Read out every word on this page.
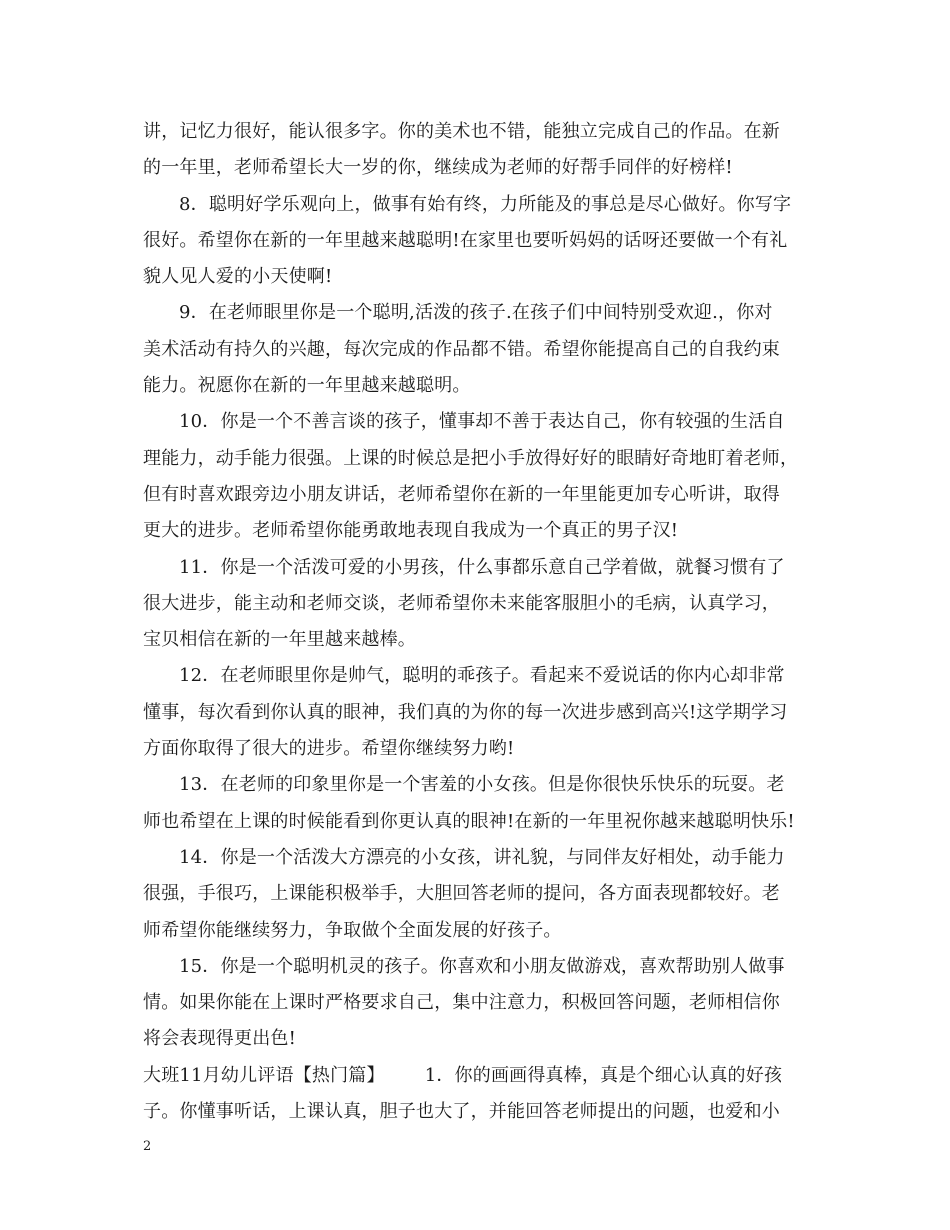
讲，记忆力很好，能认很多字。你的美术也不错，能独立完成自己的作品。在新
的一年里，老师希望长大一岁的你，继续成为老师的好帮手同伴的好榜样!
8．聪明好学乐观向上，做事有始有终，力所能及的事总是尽心做好。你写字
很好。希望你在新的一年里越来越聪明!在家里也要听妈妈的话呀还要做一个有礼
貌人见人爱的小天使啊!
9．在老师眼里你是一个聪明,活泼的孩子.在孩子们中间特别受欢迎.，你对
美术活动有持久的兴趣，每次完成的作品都不错。希望你能提高自己的自我约束
能力。祝愿你在新的一年里越来越聪明。
10．你是一个不善言谈的孩子，懂事却不善于表达自己，你有较强的生活自
理能力，动手能力很强。上课的时候总是把小手放得好好的眼睛好奇地盯着老师，
但有时喜欢跟旁边小朋友讲话，老师希望你在新的一年里能更加专心听讲，取得
更大的进步。老师希望你能勇敢地表现自我成为一个真正的男子汉!
11．你是一个活泼可爱的小男孩，什么事都乐意自己学着做，就餐习惯有了
很大进步，能主动和老师交谈，老师希望你未来能客服胆小的毛病，认真学习，
宝贝相信在新的一年里越来越棒。
12．在老师眼里你是帅气，聪明的乖孩子。看起来不爱说话的你内心却非常
懂事，每次看到你认真的眼神，我们真的为你的每一次进步感到高兴!这学期学习
方面你取得了很大的进步。希望你继续努力哟!
13．在老师的印象里你是一个害羞的小女孩。但是你很快乐快乐的玩耍。老
师也希望在上课的时候能看到你更认真的眼神!在新的一年里祝你越来越聪明快乐!
14．你是一个活泼大方漂亮的小女孩，讲礼貌，与同伴友好相处，动手能力
很强，手很巧，上课能积极举手，大胆回答老师的提问，各方面表现都较好。老
师希望你能继续努力，争取做个全面发展的好孩子。
15．你是一个聪明机灵的孩子。你喜欢和小朋友做游戏，喜欢帮助别人做事
情。如果你能在上课时严格要求自己，集中注意力，积极回答问题，老师相信你
将会表现得更出色!
大班11月幼儿评语【热门篇】 1．你的画画得真棒，真是个细心认真的好孩
子。你懂事听话，上课认真，胆子也大了，并能回答老师提出的问题，也爱和小
2
